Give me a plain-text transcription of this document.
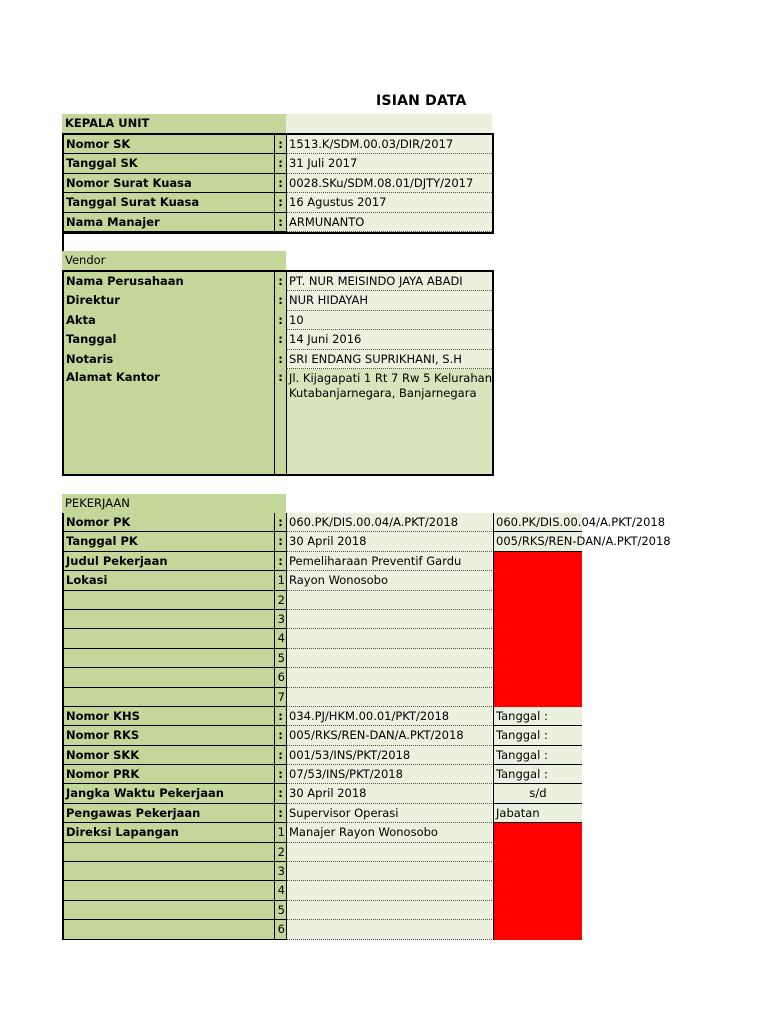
ISIAN DATA
KEPALA UNIT
Nomor SK	: 1513.K/SDM.00.03/DIR/2017
Tanggal SK	: 31 Juli 2017
Nomor Surat Kuasa	: 0028.SKu/SDM.08.01/DJTY/2017
Tanggal Surat Kuasa	: 16 Agustus 2017
Nama Manajer	: ARMUNANTO
Vendor
Nama Perusahaan	: PT. NUR MEISINDO JAYA ABADI
Direktur	: NUR HIDAYAH
Akta	: 10
Tanggal	: 14 Juni 2016
Notaris	: SRI ENDANG SUPRIKHANI, S.H
Alamat Kantor	: Jl. Kijagapati 1 Rt 7 Rw 5 Kelurahan Kutabanjarnegara, Banjarnegara
PEKERJAAN
Nomor PK	: 060.PK/DIS.00.04/A.PKT/2018	060.PK/DIS.00.04/A.PKT/2018
Tanggal PK	: 30 April 2018	005/RKS/REN-DAN/A.PKT/2018
Judul Pekerjaan	: Pemeliharaan Preventif Gardu
Lokasi	1 Rayon Wonosobo
2
3
4
5
6
7
Nomor KHS	: 034.PJ/HKM.00.01/PKT/2018	Tanggal :
Nomor RKS	: 005/RKS/REN-DAN/A.PKT/2018	Tanggal :
Nomor SKK	: 001/53/INS/PKT/2018	Tanggal :
Nomor PRK	: 07/53/INS/PKT/2018	Tanggal :
Jangka Waktu Pekerjaan	: 30 April 2018	s/d
Pengawas Pekerjaan	: Supervisor Operasi	Jabatan
Direksi Lapangan	1 Manajer Rayon Wonosobo
2
3
4
5
6
